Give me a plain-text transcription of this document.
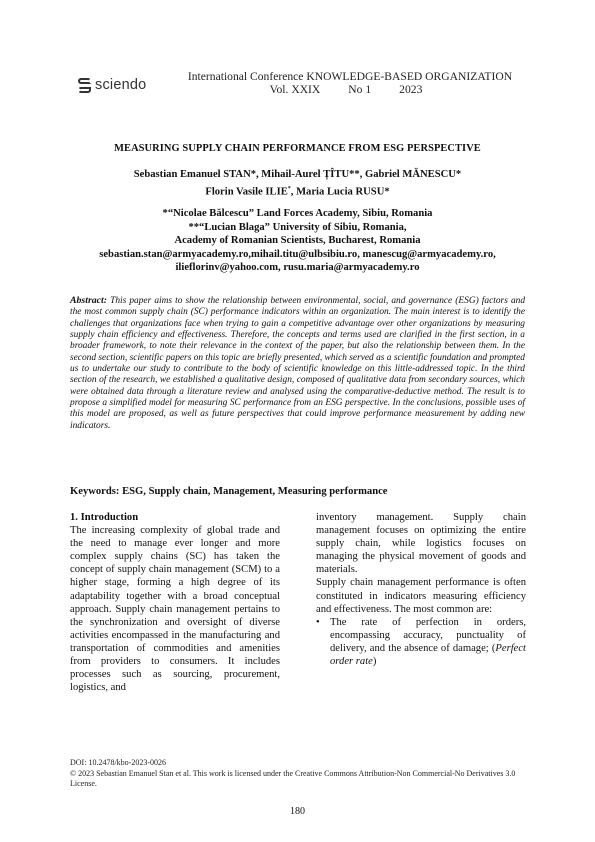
sciendo
International Conference KNOWLEDGE-BASED ORGANIZATION
Vol. XXIX No 1 2023
MEASURING SUPPLY CHAIN PERFORMANCE FROM ESG PERSPECTIVE
Sebastian Emanuel STAN*, Mihail-Aurel ȚÎTU**, Gabriel MĂNESCU*
Florin Vasile ILIE*, Maria Lucia RUSU*
*“Nicolae Bălcescu” Land Forces Academy, Sibiu, Romania
**“Lucian Blaga” University of Sibiu, Romania,
Academy of Romanian Scientists, Bucharest, Romania
sebastian.stan@armyacademy.ro,mihail.titu@ulbsibiu.ro, manescug@armyacademy.ro,
ilieflorinv@yahoo.com, rusu.maria@armyacademy.ro
Abstract: This paper aims to show the relationship between environmental, social, and governance (ESG) factors and the most common supply chain (SC) performance indicators within an organization. The main interest is to identify the challenges that organizations face when trying to gain a competitive advantage over other organizations by measuring supply chain efficiency and effectiveness. Therefore, the concepts and terms used are clarified in the first section, in a broader framework, to note their relevance in the context of the paper, but also the relationship between them. In the second section, scientific papers on this topic are briefly presented, which served as a scientific foundation and prompted us to undertake our study to contribute to the body of scientific knowledge on this little-addressed topic. In the third section of the research, we established a qualitative design, composed of qualitative data from secondary sources, which were obtained data through a literature review and analysed using the comparative-deductive method. The result is to propose a simplified model for measuring SC performance from an ESG perspective. In the conclusions, possible uses of this model are proposed, as well as future perspectives that could improve performance measurement by adding new indicators.
Keywords: ESG, Supply chain, Management, Measuring performance
1. Introduction

The increasing complexity of global trade and the need to manage ever longer and more complex supply chains (SC) has taken the concept of supply chain management (SCM) to a higher stage, forming a high degree of its adaptability together with a broad conceptual approach. Supply chain management pertains to the synchronization and oversight of diverse activities encompassed in the manufacturing and transportation of commodities and amenities from providers to consumers. It includes processes such as sourcing, procurement, logistics, and

inventory management. Supply chain management focuses on optimizing the entire supply chain, while logistics focuses on managing the physical movement of goods and materials.

Supply chain management performance is often constituted in indicators measuring efficiency and effectiveness. The most common are:

• The rate of perfection in orders, encompassing accuracy, punctuality of delivery, and the absence of damage; (Perfect order rate)
DOI: 10.2478/kbo-2023-0026
© 2023 Sebastian Emanuel Stan et al. This work is licensed under the Creative Commons Attribution-Non Commercial-No Derivatives 3.0 License.
180
